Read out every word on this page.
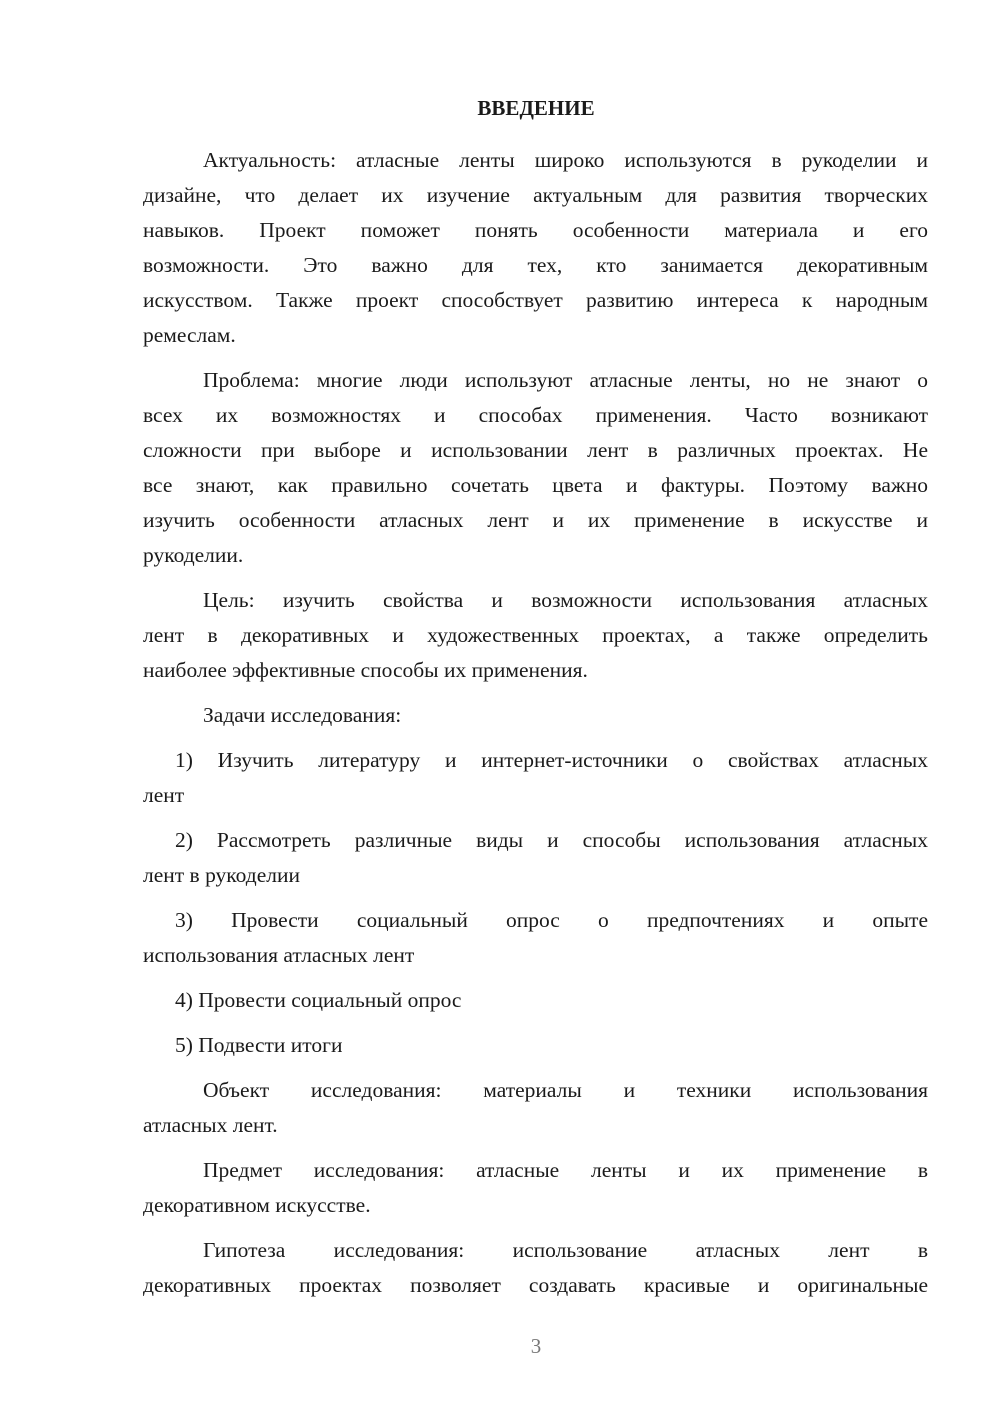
ВВЕДЕНИЕ
Актуальность: атласные ленты широко используются в рукоделии и
дизайне, что делает их изучение актуальным для развития творческих
навыков. Проект поможет понять особенности материала и его
возможности. Это важно для тех, кто занимается декоративным
искусством. Также проект способствует развитию интереса к народным
ремеслам.
Проблема: многие люди используют атласные ленты, но не знают о
всех их возможностях и способах применения. Часто возникают
сложности при выборе и использовании лент в различных проектах. Не
все знают, как правильно сочетать цвета и фактуры. Поэтому важно
изучить особенности атласных лент и их применение в искусстве и
рукоделии.
Цель: изучить свойства и возможности использования атласных
лент в декоративных и художественных проектах, а также определить
наиболее эффективные способы их применения.
Задачи исследования:
1) Изучить литературу и интернет-источники о свойствах атласных
лент
2) Рассмотреть различные виды и способы использования атласных
лент в рукоделии
3) Провести социальный опрос о предпочтениях и опыте
использования атласных лент
4) Провести социальный опрос
5) Подвести итоги
Объект исследования: материалы и техники использования
атласных лент.
Предмет исследования: атласные ленты и их применение в
декоративном искусстве.
Гипотеза исследования: использование атласных лент в
декоративных проектах позволяет создавать красивые и оригинальные
3
